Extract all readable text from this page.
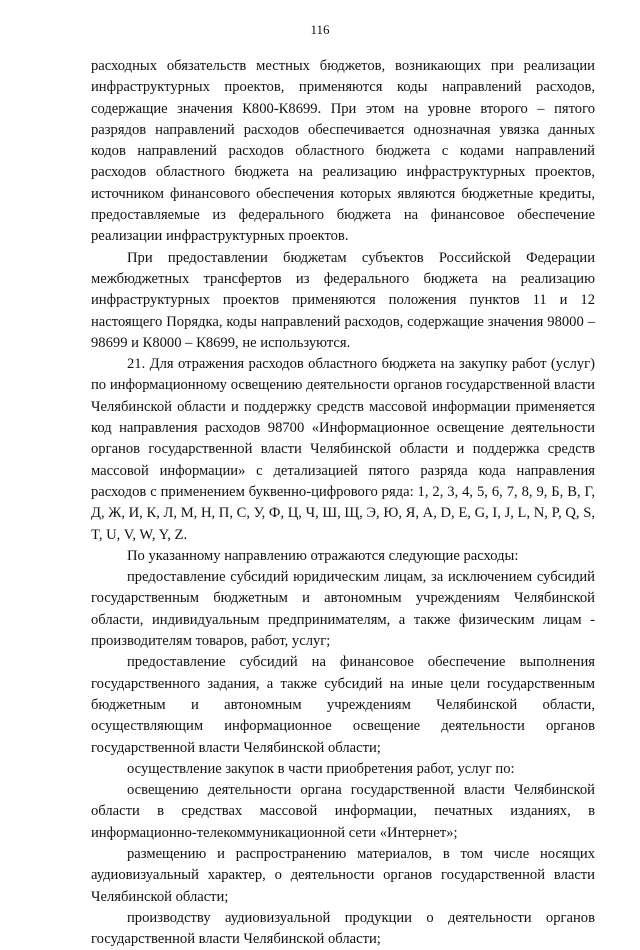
116

расходных обязательств местных бюджетов, возникающих при реализации инфраструктурных проектов, применяются коды направлений расходов, содержащие значения К800-К8699. При этом на уровне второго – пятого разрядов направлений расходов обеспечивается однозначная увязка данных кодов направлений расходов областного бюджета с кодами направлений расходов областного бюджета на реализацию инфраструктурных проектов, источником финансового обеспечения которых являются бюджетные кредиты, предоставляемые из федерального бюджета на финансовое обеспечение реализации инфраструктурных проектов.

При предоставлении бюджетам субъектов Российской Федерации межбюджетных трансфертов из федерального бюджета на реализацию инфраструктурных проектов применяются положения пунктов 11 и 12 настоящего Порядка, коды направлений расходов, содержащие значения 98000 – 98699 и К8000 – К8699, не используются.

21. Для отражения расходов областного бюджета на закупку работ (услуг) по информационному освещению деятельности органов государственной власти Челябинской области и поддержку средств массовой информации применяется код направления расходов 98700 «Информационное освещение деятельности органов государственной власти Челябинской области и поддержка средств массовой информации» с детализацией пятого разряда кода направления расходов с применением буквенно-цифрового ряда: 1, 2, 3, 4, 5, 6, 7, 8, 9, Б, В, Г, Д, Ж, И, К, Л, М, Н, П, С, У, Ф, Ц, Ч, Ш, Щ, Э, Ю, Я, A, D, E, G, I, J, L, N, P, Q, S, T, U, V, W, Y, Z.

По указанному направлению отражаются следующие расходы:

предоставление субсидий юридическим лицам, за исключением субсидий государственным бюджетным и автономным учреждениям Челябинской области, индивидуальным предпринимателям, а также физическим лицам - производителям товаров, работ, услуг;

предоставление субсидий на финансовое обеспечение выполнения государственного задания, а также субсидий на иные цели государственным бюджетным и автономным учреждениям Челябинской области, осуществляющим информационное освещение деятельности органов государственной власти Челябинской области;

осуществление закупок в части приобретения работ, услуг по:

освещению деятельности органа государственной власти Челябинской области в средствах массовой информации, печатных изданиях, в информационно-телекоммуникационной сети «Интернет»;

размещению и распространению материалов, в том числе носящих аудиовизуальный характер, о деятельности органов государственной власти Челябинской области;

производству аудиовизуальной продукции о деятельности органов государственной власти Челябинской области;
